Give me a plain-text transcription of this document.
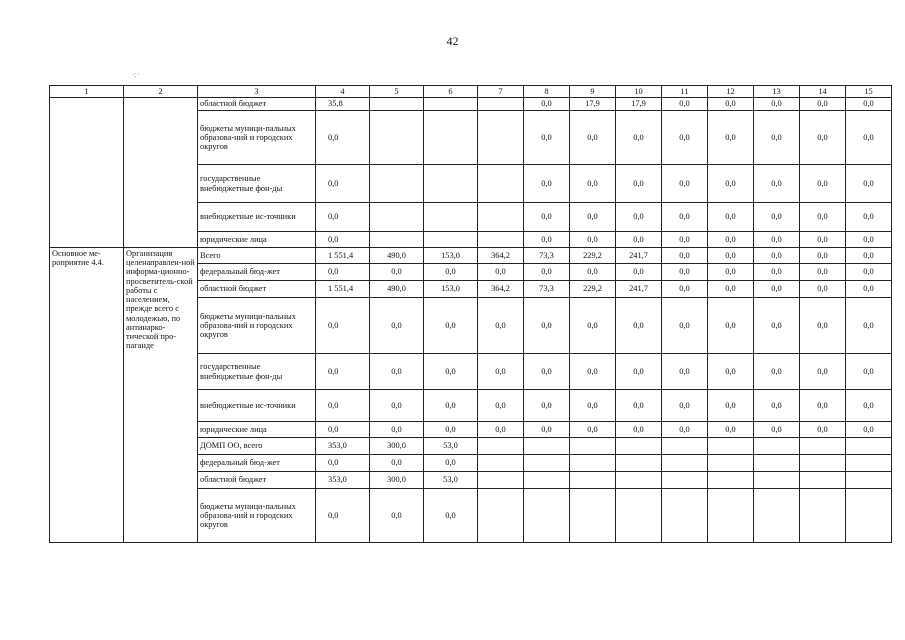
42
·:·
1	2	3	4	5	6	7	8	9	10	11	12	13	14	15
		областной бюджет	35,8				0,0	17,9	17,9	0,0	0,0	0,0	0,0	0,0
		бюджеты муници-пальных образова-ний и городских округов	0,0				0,0	0,0	0,0	0,0	0,0	0,0	0,0	0,0
		государственные внебюджетные фон-ды	0,0				0,0	0,0	0,0	0,0	0,0	0,0	0,0	0,0
		внебюджетные ис-точники	0,0				0,0	0,0	0,0	0,0	0,0	0,0	0,0	0,0
		юридические лица	0,0				0,0	0,0	0,0	0,0	0,0	0,0	0,0	0,0
Основное ме-роприятие 4.4.	Организация целенаправлен-ной информа-ционно-просветитель-ской работы с населением, прежде всего с молодежью, по антинарко-тической про-паганде	Всего	1 551,4	490,0	153,0	364,2	73,3	229,2	241,7	0,0	0,0	0,0	0,0	0,0
		федеральный бюд-жет	0,0	0,0	0,0	0,0	0,0	0,0	0,0	0,0	0,0	0,0	0,0	0,0
		областной бюджет	1 551,4	490,0	153,0	364,2	73,3	229,2	241,7	0,0	0,0	0,0	0,0	0,0
		бюджеты муници-пальных образова-ний и городских округов	0,0	0,0	0,0	0,0	0,0	0,0	0,0	0,0	0,0	0,0	0,0	0,0
		государственные внебюджетные фон-ды	0,0	0,0	0,0	0,0	0,0	0,0	0,0	0,0	0,0	0,0	0,0	0,0
		внебюджетные ис-точники	0,0	0,0	0,0	0,0	0,0	0,0	0,0	0,0	0,0	0,0	0,0	0,0
		юридические лица	0,0	0,0	0,0	0,0	0,0	0,0	0,0	0,0	0,0	0,0	0,0	0,0
		ДОМП ОО, всего	353,0	300,0	53,0									
		федеральный бюд-жет	0,0	0,0	0,0									
		областной бюджет	353,0	300,0	53,0									
		бюджеты муници-пальных образова-ний и городских округов	0,0	0,0	0,0									
